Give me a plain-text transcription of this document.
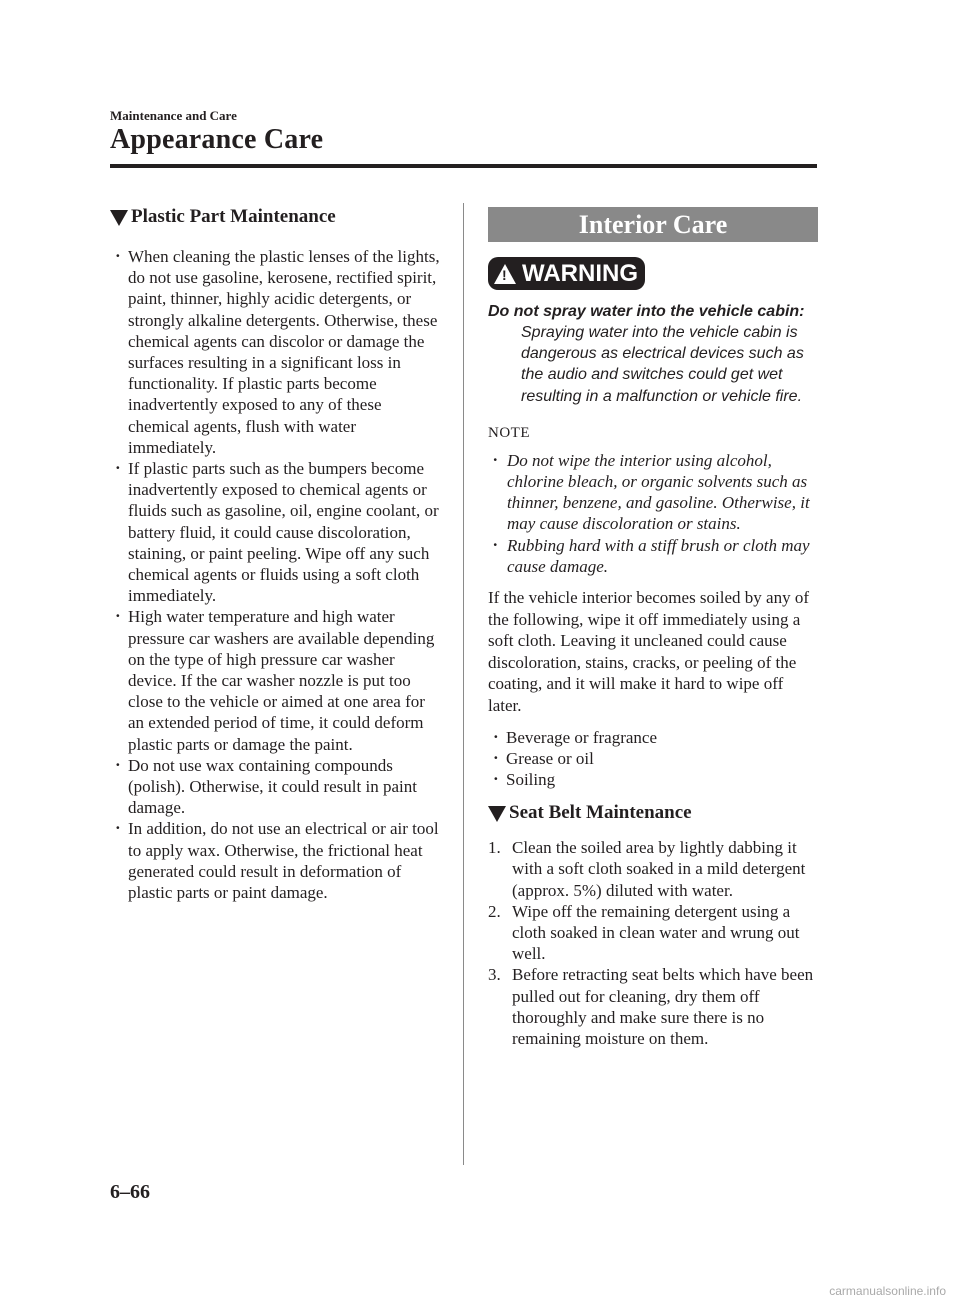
Maintenance and Care
Appearance Care
Plastic Part Maintenance
· When cleaning the plastic lenses of the lights, do not use gasoline, kerosene, rectified spirit, paint, thinner, highly acidic detergents, or strongly alkaline detergents. Otherwise, these chemical agents can discolor or damage the surfaces resulting in a significant loss in functionality. If plastic parts become inadvertently exposed to any of these chemical agents, flush with water immediately.
· If plastic parts such as the bumpers become inadvertently exposed to chemical agents or fluids such as gasoline, oil, engine coolant, or battery fluid, it could cause discoloration, staining, or paint peeling. Wipe off any such chemical agents or fluids using a soft cloth immediately.
· High water temperature and high water pressure car washers are available depending on the type of high pressure car washer device. If the car washer nozzle is put too close to the vehicle or aimed at one area for an extended period of time, it could deform plastic parts or damage the paint.
· Do not use wax containing compounds (polish). Otherwise, it could result in paint damage.
· In addition, do not use an electrical or air tool to apply wax. Otherwise, the frictional heat generated could result in deformation of plastic parts or paint damage.
Interior Care
! WARNING
Do not spray water into the vehicle cabin:
Spraying water into the vehicle cabin is dangerous as electrical devices such as the audio and switches could get wet resulting in a malfunction or vehicle fire.
NOTE
· Do not wipe the interior using alcohol, chlorine bleach, or organic solvents such as thinner, benzene, and gasoline. Otherwise, it may cause discoloration or stains.
· Rubbing hard with a stiff brush or cloth may cause damage.
If the vehicle interior becomes soiled by any of the following, wipe it off immediately using a soft cloth. Leaving it uncleaned could cause discoloration, stains, cracks, or peeling of the coating, and it will make it hard to wipe off later.
· Beverage or fragrance
· Grease or oil
· Soiling
Seat Belt Maintenance
1. Clean the soiled area by lightly dabbing it with a soft cloth soaked in a mild detergent (approx. 5%) diluted with water.
2. Wipe off the remaining detergent using a cloth soaked in clean water and wrung out well.
3. Before retracting seat belts which have been pulled out for cleaning, dry them off thoroughly and make sure there is no remaining moisture on them.
6–66
carmanualsonline.info
